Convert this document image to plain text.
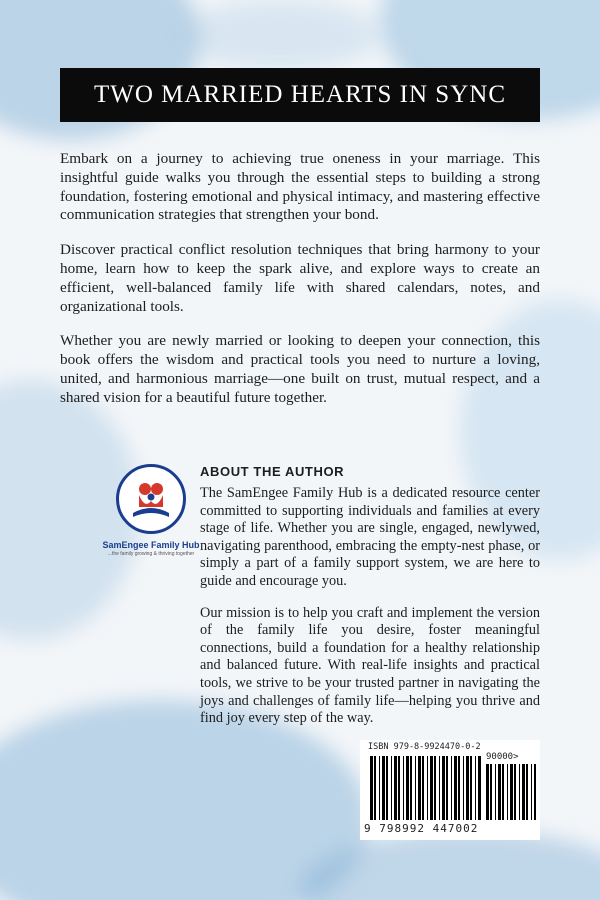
TWO MARRIED HEARTS IN SYNC

Embark on a journey to achieving true oneness in your marriage. This insightful guide walks you through the essential steps to building a strong foundation, fostering emotional and physical intimacy, and mastering effective communication strategies that strengthen your bond.

Discover practical conflict resolution techniques that bring harmony to your home, learn how to keep the spark alive, and explore ways to create an efficient, well-balanced family life with shared calendars, notes, and organizational tools.

Whether you are newly married or looking to deepen your connection, this book offers the wisdom and practical tools you need to nurture a loving, united, and harmonious marriage—one built on trust, mutual respect, and a shared vision for a beautiful future together.

SamEngee Family Hub
...the family growing & thriving together
ABOUT THE AUTHOR

The SamEngee Family Hub is a dedicated resource center committed to supporting individuals and families at every stage of life. Whether you are single, engaged, newlywed, navigating parenthood, embracing the empty-nest phase, or simply a part of a family support system, we are here to guide and encourage you.

Our mission is to help you craft and implement the version of the family life you desire, foster meaningful connections, build a foundation for a healthy relationship and balanced future. With real-life insights and practical tools, we strive to be your trusted partner in navigating the joys and challenges of family life—helping you thrive and find joy every step of the way.

ISBN 979-8-9924470-0-2
90000>
9 798992 447002
